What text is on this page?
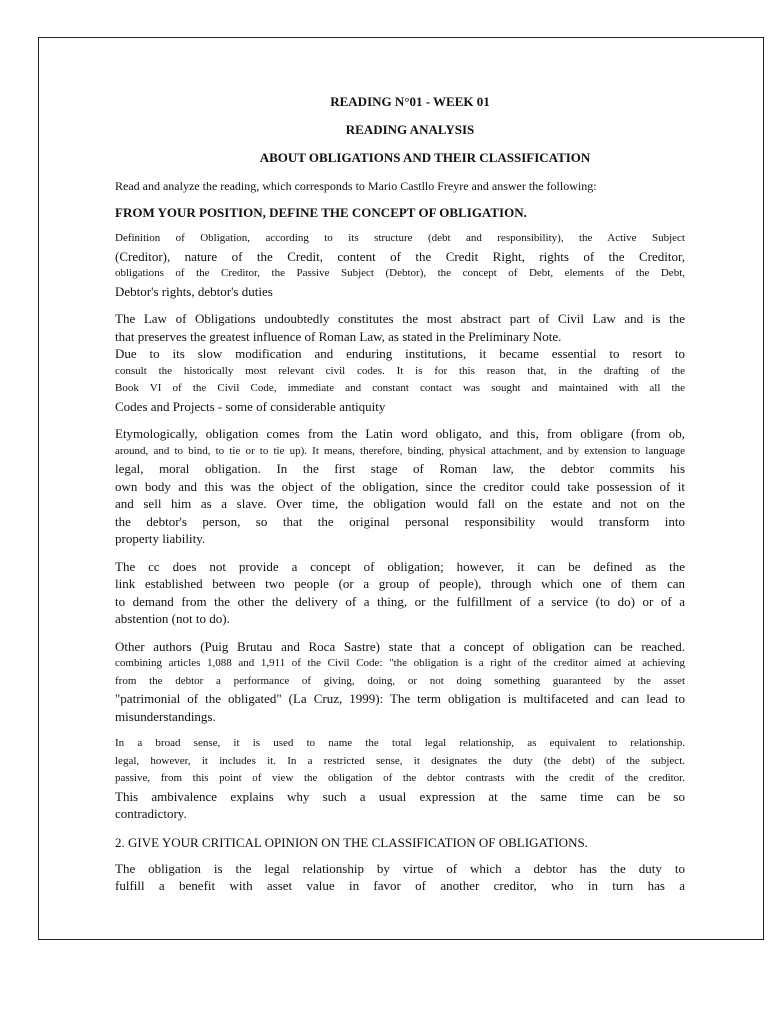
READING N°01 - WEEK 01
READING ANALYSIS
ABOUT OBLIGATIONS AND THEIR CLASSIFICATION
Read and analyze the reading, which corresponds to Mario Castllo Freyre and answer the following:
FROM YOUR POSITION, DEFINE THE CONCEPT OF OBLIGATION.
Definition of Obligation, according to its structure (debt and responsibility), the Active Subject
(Creditor), nature of the Credit, content of the Credit Right, rights of the Creditor,
obligations of the Creditor, the Passive Subject (Debtor), the concept of Debt, elements of the Debt,
Debtor's rights, debtor's duties
The Law of Obligations undoubtedly constitutes the most abstract part of Civil Law and is the
that preserves the greatest influence of Roman Law, as stated in the Preliminary Note.
Due to its slow modification and enduring institutions, it became essential to resort to
consult the historically most relevant civil codes. It is for this reason that, in the drafting of the
Book VI of the Civil Code, immediate and constant contact was sought and maintained with all the
Codes and Projects - some of considerable antiquity
Etymologically, obligation comes from the Latin word obligato, and this, from obligare (from ob,
around, and to bind, to tie or to tie up). It means, therefore, binding, physical attachment, and by extension to language
legal, moral obligation. In the first stage of Roman law, the debtor commits his
own body and this was the object of the obligation, since the creditor could take possession of it
and sell him as a slave. Over time, the obligation would fall on the estate and not on the
the debtor's person, so that the original personal responsibility would transform into
property liability.
The cc does not provide a concept of obligation; however, it can be defined as the
link established between two people (or a group of people), through which one of them can
to demand from the other the delivery of a thing, or the fulfillment of a service (to do) or of a
abstention (not to do).
Other authors (Puig Brutau and Roca Sastre) state that a concept of obligation can be reached.
combining articles 1,088 and 1,911 of the Civil Code: "the obligation is a right of the creditor aimed at achieving
from the debtor a performance of giving, doing, or not doing something guaranteed by the asset
"patrimonial of the obligated" (La Cruz, 1999): The term obligation is multifaceted and can lead to
misunderstandings.
In a broad sense, it is used to name the total legal relationship, as equivalent to relationship.
legal, however, it includes it. In a restricted sense, it designates the duty (the debt) of the subject.
passive, from this point of view the obligation of the debtor contrasts with the credit of the creditor.
This ambivalence explains why such a usual expression at the same time can be so
contradictory.
2. GIVE YOUR CRITICAL OPINION ON THE CLASSIFICATION OF OBLIGATIONS.
The obligation is the legal relationship by virtue of which a debtor has the duty to
fulfill a benefit with asset value in favor of another creditor, who in turn has a
